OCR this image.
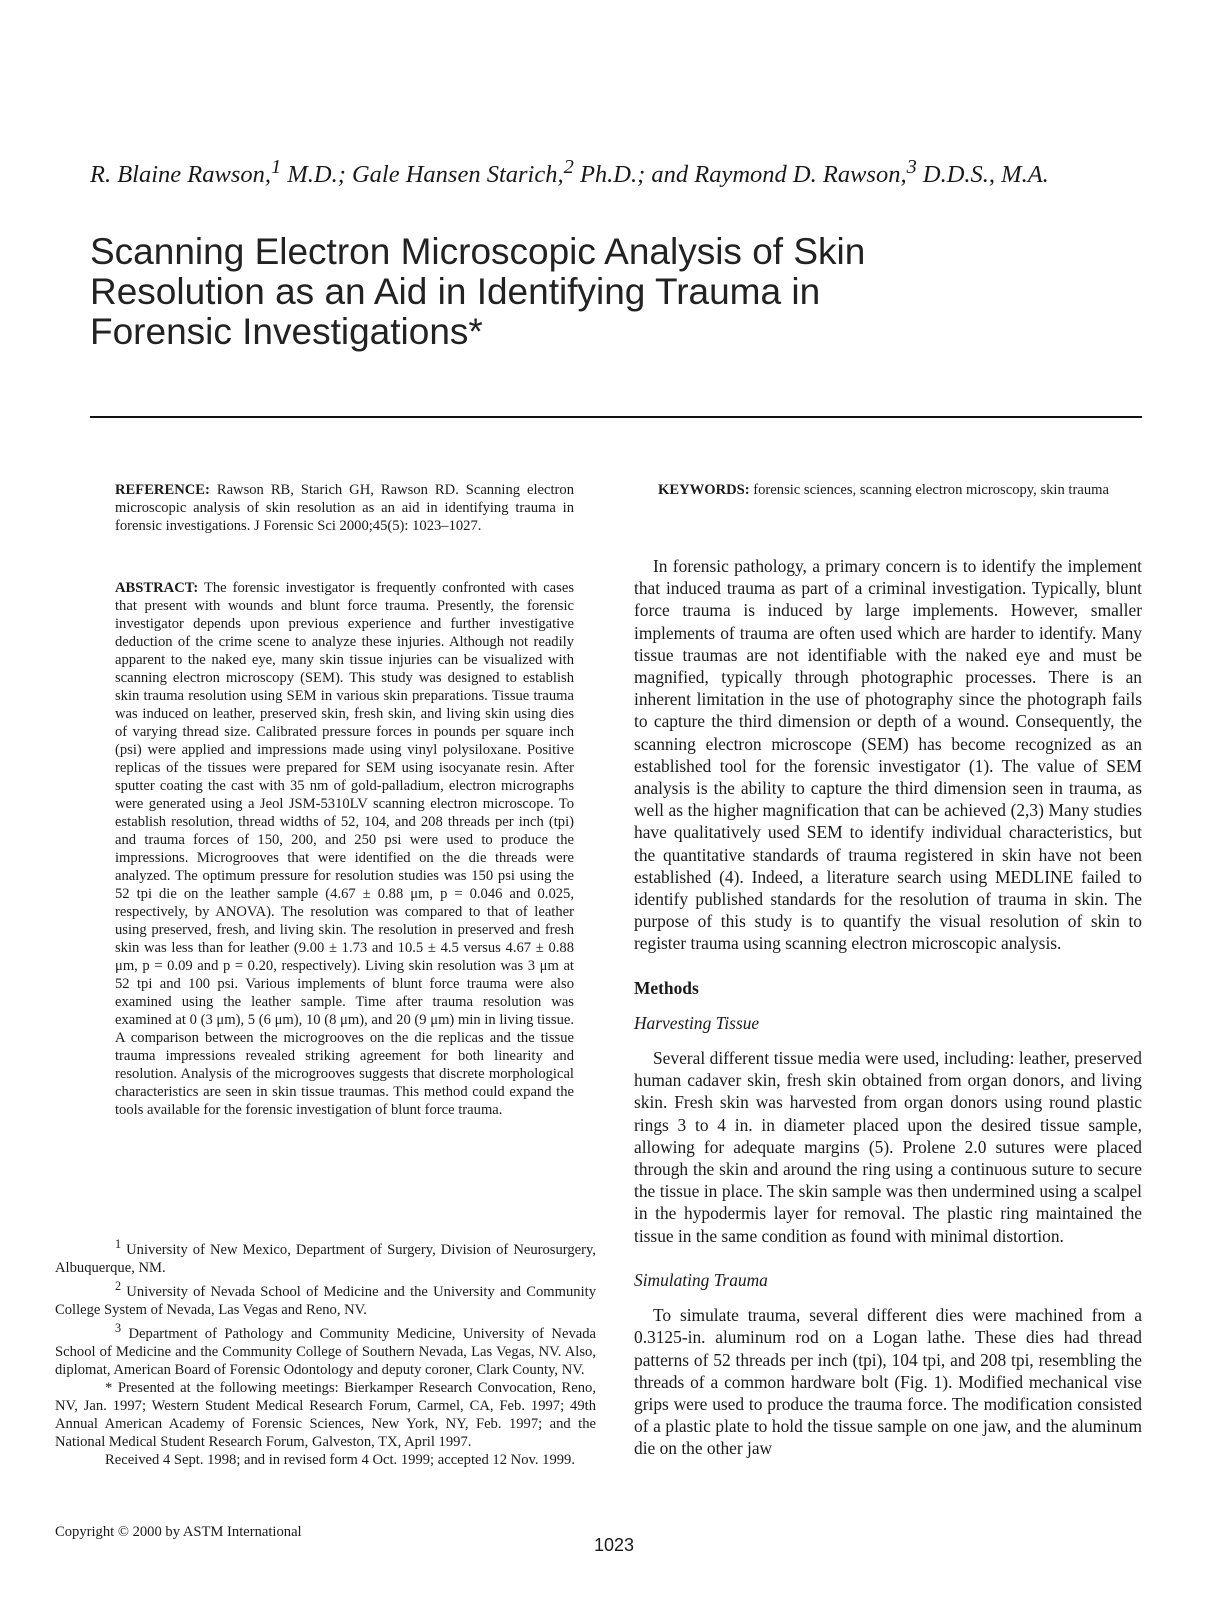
R. Blaine Rawson,$^1$ M.D.; Gale Hansen Starich,$^2$ Ph.D.; and Raymond D. Rawson,$^3$ D.D.S., M.A.
Scanning Electron Microscopic Analysis of Skin Resolution as an Aid in Identifying Trauma in Forensic Investigations*
REFERENCE: Rawson RB, Starich GH, Rawson RD. Scanning electron microscopic analysis of skin resolution as an aid in identifying trauma in forensic investigations. J Forensic Sci 2000;45(5): 1023–1027.
ABSTRACT: The forensic investigator is frequently confronted with cases that present with wounds and blunt force trauma. Presently, the forensic investigator depends upon previous experience and further investigative deduction of the crime scene to analyze these injuries. Although not readily apparent to the naked eye, many skin tissue injuries can be visualized with scanning electron microscopy (SEM). This study was designed to establish skin trauma resolution using SEM in various skin preparations. Tissue trauma was induced on leather, preserved skin, fresh skin, and living skin using dies of varying thread size. Calibrated pressure forces in pounds per square inch (psi) were applied and impressions made using vinyl polysiloxane. Positive replicas of the tissues were prepared for SEM using isocyanate resin. After sputter coating the cast with 35 nm of gold-palladium, electron micrographs were generated using a Jeol JSM-5310LV scanning electron microscope. To establish resolution, thread widths of 52, 104, and 208 threads per inch (tpi) and trauma forces of 150, 200, and 250 psi were used to produce the impressions. Microgrooves that were identified on the die threads were analyzed. The optimum pressure for resolution studies was 150 psi using the 52 tpi die on the leather sample (4.67 ± 0.88 μm, p = 0.046 and 0.025, respectively, by ANOVA). The resolution was compared to that of leather using preserved, fresh, and living skin. The resolution in preserved and fresh skin was less than for leather (9.00 ± 1.73 and 10.5 ± 4.5 versus 4.67 ± 0.88 μm, p = 0.09 and p = 0.20, respectively). Living skin resolution was 3 μm at 52 tpi and 100 psi. Various implements of blunt force trauma were also examined using the leather sample. Time after trauma resolution was examined at 0 (3 μm), 5 (6 μm), 10 (8 μm), and 20 (9 μm) min in living tissue. A comparison between the microgrooves on the die replicas and the tissue trauma impressions revealed striking agreement for both linearity and resolution. Analysis of the microgrooves suggests that discrete morphological characteristics are seen in skin tissue traumas. This method could expand the tools available for the forensic investigation of blunt force trauma.
KEYWORDS: forensic sciences, scanning electron microscopy, skin trauma

$^1$ University of New Mexico, Department of Surgery, Division of Neurosurgery, Albuquerque, NM.

$^2$ University of Nevada School of Medicine and the University and Community College System of Nevada, Las Vegas and Reno, NV.

$^3$ Department of Pathology and Community Medicine, University of Nevada School of Medicine and the Community College of Southern Nevada, Las Vegas, NV. Also, diplomat, American Board of Forensic Odontology and deputy coroner, Clark County, NV.

* Presented at the following meetings: Bierkamper Research Convocation, Reno, NV, Jan. 1997; Western Student Medical Research Forum, Carmel, CA, Feb. 1997; 49th Annual American Academy of Forensic Sciences, New York, NY, Feb. 1997; and the National Medical Student Research Forum, Galveston, TX, April 1997.

Received 4 Sept. 1998; and in revised form 4 Oct. 1999; accepted 12 Nov. 1999.

In forensic pathology, a primary concern is to identify the implement that induced trauma as part of a criminal investigation. Typically, blunt force trauma is induced by large implements. However, smaller implements of trauma are often used which are harder to identify. Many tissue traumas are not identifiable with the naked eye and must be magnified, typically through photographic processes. There is an inherent limitation in the use of photography since the photograph fails to capture the third dimension or depth of a wound. Consequently, the scanning electron microscope (SEM) has become recognized as an established tool for the forensic investigator (1). The value of SEM analysis is the ability to capture the third dimension seen in trauma, as well as the higher magnification that can be achieved (2,3) Many studies have qualitatively used SEM to identify individual characteristics, but the quantitative standards of trauma registered in skin have not been established (4). Indeed, a literature search using MEDLINE failed to identify published standards for the resolution of trauma in skin. The purpose of this study is to quantify the visual resolution of skin to register trauma using scanning electron microscopic analysis.

Methods
Harvesting Tissue

Several different tissue media were used, including: leather, preserved human cadaver skin, fresh skin obtained from organ donors, and living skin. Fresh skin was harvested from organ donors using round plastic rings 3 to 4 in. in diameter placed upon the desired tissue sample, allowing for adequate margins (5). Prolene 2.0 sutures were placed through the skin and around the ring using a continuous suture to secure the tissue in place. The skin sample was then undermined using a scalpel in the hypodermis layer for removal. The plastic ring maintained the tissue in the same condition as found with minimal distortion.

Simulating Trauma

To simulate trauma, several different dies were machined from a 0.3125-in. aluminum rod on a Logan lathe. These dies had thread patterns of 52 threads per inch (tpi), 104 tpi, and 208 tpi, resembling the threads of a common hardware bolt (Fig. 1). Modified mechanical vise grips were used to produce the trauma force. The modification consisted of a plastic plate to hold the tissue sample on one jaw, and the aluminum die on the other jaw

Copyright © 2000 by ASTM International
1023
